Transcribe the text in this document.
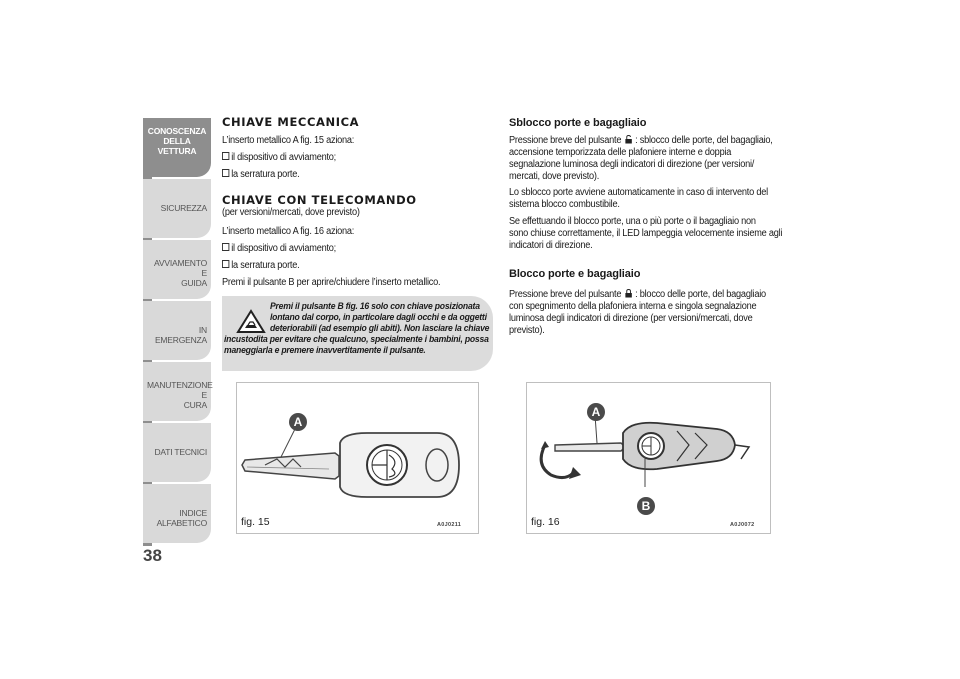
CONOSCENZA
DELLA VETTURA
SICUREZZA
AVVIAMENTO E
GUIDA
IN EMERGENZA
MANUTENZIONE E
CURA
DATI TECNICI
INDICE ALFABETICO
38
CHIAVE MECCANICA
L’inserto metallico A fig. 15 aziona:
il dispositivo di avviamento;
la serratura porte.
CHIAVE CON TELECOMANDO
(per versioni/mercati, dove previsto)
L’inserto metallico A fig. 16 aziona:
il dispositivo di avviamento;
la serratura porte.
Premi il pulsante B per aprire/chiudere l’inserto metallico.
Premi il pulsante B fig. 16 solo con chiave posizionata
lontano dal corpo, in particolare dagli occhi e da oggetti
deteriorabili (ad esempio gli abiti). Non lasciare la chiave
incustodita per evitare che qualcuno, specialmente i bambini, possa
maneggiarla e premere inavvertitamente il pulsante.
A
fig. 15	A0J0211
A
B
fig. 16	A0J0072
Sblocco porte e bagagliaio
Pressione breve del pulsante : sblocco delle porte, del bagagliaio,
accensione temporizzata delle plafoniere interne e doppia
segnalazione luminosa degli indicatori di direzione (per versioni/
mercati, dove previsto).
Lo sblocco porte avviene automaticamente in caso di intervento del
sistema blocco combustibile.
Se effettuando il blocco porte, una o più porte o il bagagliaio non
sono chiuse correttamente, il LED lampeggia velocemente insieme agli
indicatori di direzione.
Blocco porte e bagagliaio
Pressione breve del pulsante : blocco delle porte, del bagagliaio
con spegnimento della plafoniera interna e singola segnalazione
luminosa degli indicatori di direzione (per versioni/mercati, dove
previsto).
